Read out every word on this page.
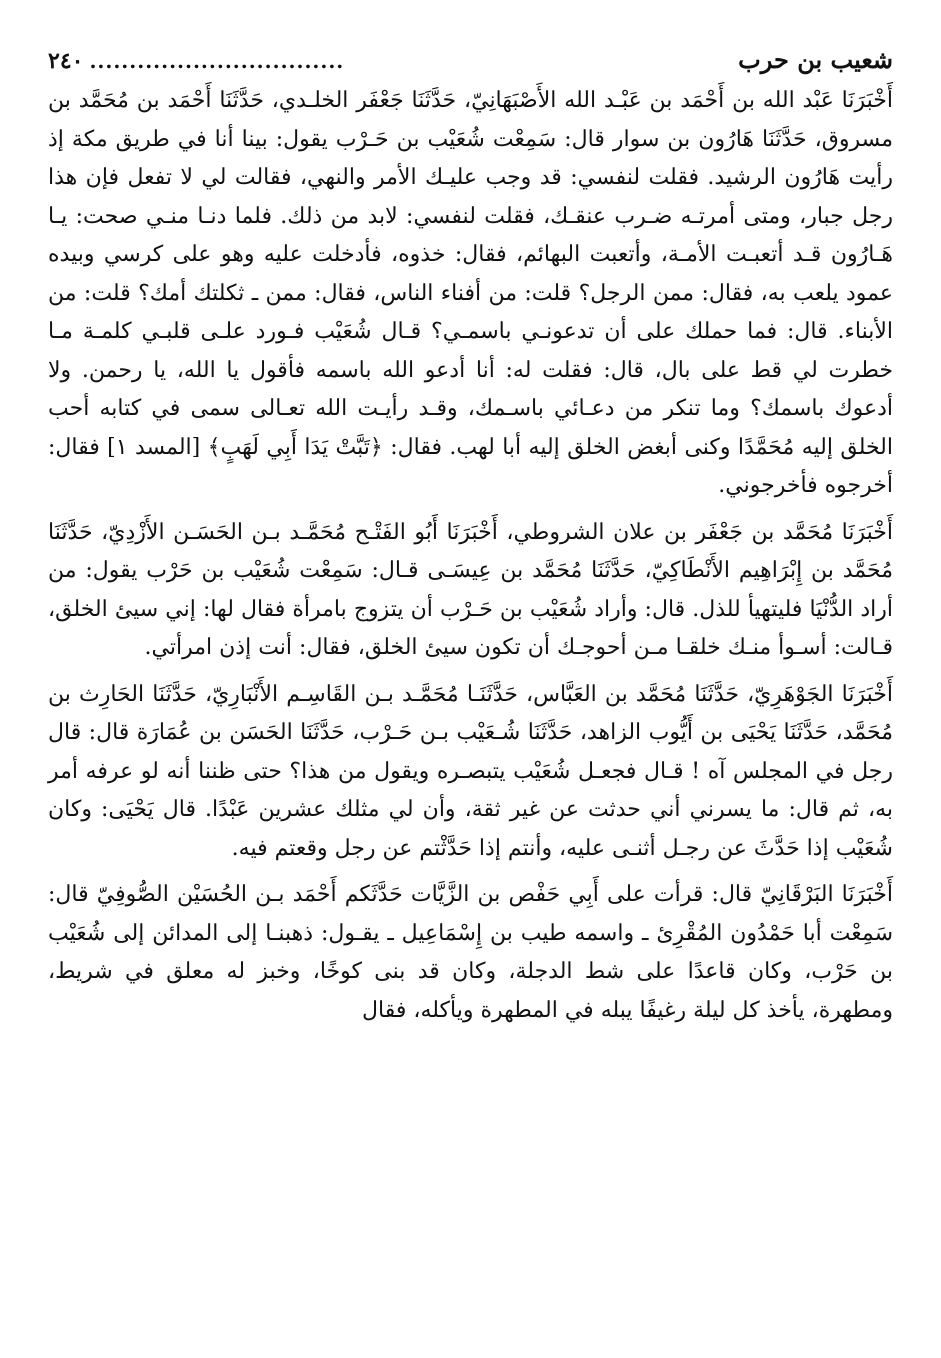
شعيب بن حرب
................................
٢٤٠

أَخْبَرَنَا عَبْد الله بن أَحْمَد بن عَبْـد الله الأَصْبَهَانِيّ، حَدَّثَنَا جَعْفَر الخلـدي، حَدَّثَنَا أَحْمَد بن مُحَمَّد بن مسروق، حَدَّثَنَا هَارُون بن سوار قال: سَمِعْت شُعَيْب بن حَـرْب يقول: بينا أنا في طريق مكة إذ رأيت هَارُون الرشيد. فقلت لنفسي: قد وجب عليـك الأمر والنهي، فقالت لي لا تفعل فإن هذا رجل جبار، ومتى أمرتـه ضـرب عنقـك، فقلت لنفسي: لابد من ذلك. فلما دنـا منـي صحت: يـا هَـارُون قـد أتعبـت الأمـة، وأتعبت البهائم، فقال: خذوه، فأدخلت عليه وهو على كرسي وبيده عمود يلعب به، فقال: ممن الرجل؟ قلت: من أفناء الناس، فقال: ممن ـ ثكلتك أمك؟ قلت: من الأبناء. قال: فما حملك على أن تدعونـي باسمـي؟ قـال شُعَيْب فـورد علـى قلبـي كلمـة مـا خطرت لي قط على بال، قال: فقلت له: أنا أدعو الله باسمه فأقول يا الله، يا رحمن. ولا أدعوك باسمك؟ وما تنكر من دعـائي باسـمك، وقـد رأيـت الله تعـالى سمى في كتابه أحب الخلق إليه مُحَمَّدًا وكنى أبغض الخلق إليه أبا لهب. فقال: ﴿تَبَّتْ يَدَا أَبِي لَهَبٍ﴾ [المسد ١] فقال: أخرجوه فأخرجوني.

أَخْبَرَنَا مُحَمَّد بن جَعْفَر بن علان الشروطي، أَخْبَرَنَا أَبُو الفَتْـح مُحَمَّـد بـن الحَسَـن الأَزْدِيّ، حَدَّثَنَا مُحَمَّد بن إِبْرَاهِيم الأَنْطَاكِيّ، حَدَّثَنَا مُحَمَّد بن عِيسَـى قـال: سَمِعْت شُعَيْب بن حَرْب يقول: من أراد الدُّنْيَا فليتهيأ للذل. قال: وأراد شُعَيْب بن حَـرْب أن يتزوج بامرأة فقال لها: إني سيئ الخلق، قـالت: أسـوأ منـك خلقـا مـن أحوجـك أن تكون سيئ الخلق، فقال: أنت إذن امرأتي.

أَخْبَرَنَا الجَوْهَرِيّ، حَدَّثَنَا مُحَمَّد بن العَبَّاس، حَدَّثَنَـا مُحَمَّـد بـن القَاسِـم الأَنْبَارِيّ، حَدَّثَنَا الحَارِث بن مُحَمَّد، حَدَّثَنَا يَحْيَى بن أَيُّوب الزاهد، حَدَّثَنَا شُـعَيْب بـن حَـرْب، حَدَّثَنَا الحَسَن بن عُمَارَة قال: قال رجل في المجلس آه ! قـال فجعـل شُعَيْب يتبصـره ويقول من هذا؟ حتى ظننا أنه لو عرفه أمر به، ثم قال: ما يسرني أني حدثت عن غير ثقة، وأن لي مثلك عشرين عَبْدًا. قال يَحْيَى: وكان شُعَيْب إذا حَدَّثَ عن رجـل أثنـى عليه، وأنتم إذا حَدَّثْتم عن رجل وقعتم فيه.

أَخْبَرَنَا البَرْقَانِيّ قال: قرأت على أَبِي حَفْص بن الزَّيَّات حَدَّثَكم أَحْمَد بـن الحُسَيْن الصُّوفِيّ قال: سَمِعْت أبا حَمْدُون المُقْرِئ ـ واسمه طيب بن إِسْمَاعِيل ـ يقـول: ذهبنـا إلى المدائن إلى شُعَيْب بن حَرْب، وكان قاعدًا على شط الدجلة، وكان قد بنى كوخًا، وخبز له معلق في شريط، ومطهرة، يأخذ كل ليلة رغيفًا يبله في المطهرة ويأكله، فقال
